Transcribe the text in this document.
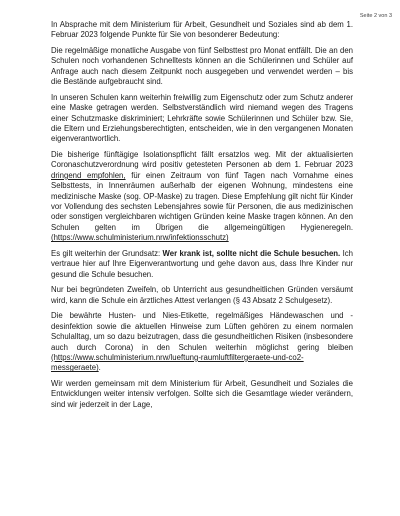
Seite 2 von 3

In Absprache mit dem Ministerium für Arbeit, Gesundheit und Soziales sind ab dem 1. Februar 2023 folgende Punkte für Sie von besonderer Bedeutung:

Die regelmäßige monatliche Ausgabe von fünf Selbsttest pro Monat entfällt. Die an den Schulen noch vorhandenen Schnelltests können an die Schülerinnen und Schüler auf Anfrage auch nach diesem Zeitpunkt noch ausgegeben und verwendet werden – bis die Bestände aufgebraucht sind.

In unseren Schulen kann weiterhin freiwillig zum Eigenschutz oder zum Schutz anderer eine Maske getragen werden. Selbstverständlich wird niemand wegen des Tragens einer Schutzmaske diskriminiert; Lehrkräfte sowie Schülerinnen und Schüler bzw. Sie, die Eltern und Erziehungsberechtigten, entscheiden, wie in den vergangenen Monaten eigenverantwortlich.

Die bisherige fünftägige Isolationspflicht fällt ersatzlos weg. Mit der aktualisierten Coronaschutzverordnung wird positiv getesteten Personen ab dem 1. Februar 2023 dringend empfohlen, für einen Zeitraum von fünf Tagen nach Vornahme eines Selbsttests, in Innenräumen außerhalb der eigenen Wohnung, mindestens eine medizinische Maske (sog. OP-Maske) zu tragen. Diese Empfehlung gilt nicht für Kinder vor Vollendung des sechsten Lebensjahres sowie für Personen, die aus medizinischen oder sonstigen vergleichbaren wichtigen Gründen keine Maske tragen können. An den Schulen gelten im Übrigen die allgemeingültigen Hygieneregeln. (https://www.schulministerium.nrw/infektionsschutz)

Es gilt weiterhin der Grundsatz: Wer krank ist, sollte nicht die Schule besuchen. Ich vertraue hier auf Ihre Eigenverantwortung und gehe davon aus, dass Ihre Kinder nur gesund die Schule besuchen.

Nur bei begründeten Zweifeln, ob Unterricht aus gesundheitlichen Gründen versäumt wird, kann die Schule ein ärztliches Attest verlangen (§ 43 Absatz 2 Schulgesetz).

Die bewährte Husten- und Nies-Etikette, regelmäßiges Händewaschen und -desinfektion sowie die aktuellen Hinweise zum Lüften gehören zu einem normalen Schulalltag, um so dazu beizutragen, dass die gesundheitlichen Risiken (insbesondere auch durch Corona) in den Schulen weiterhin möglichst gering bleiben (https://www.schulministerium.nrw/lueftung-raumluftfiltergeraete-und-co2-messgeraete).

Wir werden gemeinsam mit dem Ministerium für Arbeit, Gesundheit und Soziales die Entwicklungen weiter intensiv verfolgen. Sollte sich die Gesamtlage wieder verändern, sind wir jederzeit in der Lage,
